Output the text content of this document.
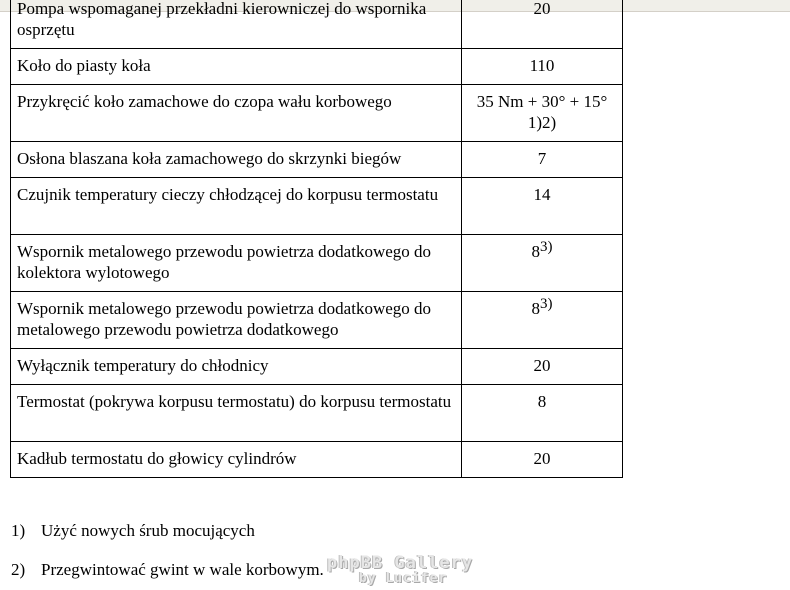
Pompa wspomaganej przekładni kierowniczej do wspornika osprzętu	20
Koło do piasty koła	110
Przykręcić koło zamachowe do czopa wału korbowego	35 Nm + 30° + 15° 1)2)
Osłona blaszana koła zamachowego do skrzynki biegów	7
Czujnik temperatury cieczy chłodzącej do korpusu termostatu	14
Wspornik metalowego przewodu powietrza dodatkowego do kolektora wylotowego	8$^{3)}$
Wspornik metalowego przewodu powietrza dodatkowego do metalowego przewodu powietrza dodatkowego	8$^{3)}$
Wyłącznik temperatury do chłodnicy	20
Termostat (pokrywa korpusu termostatu) do korpusu termostatu	8
Kadłub termostatu do głowicy cylindrów	20
1) Użyć nowych śrub mocujących
2) Przegwintować gwint w wale korbowym. phpBB Gallery
by Lucifer
